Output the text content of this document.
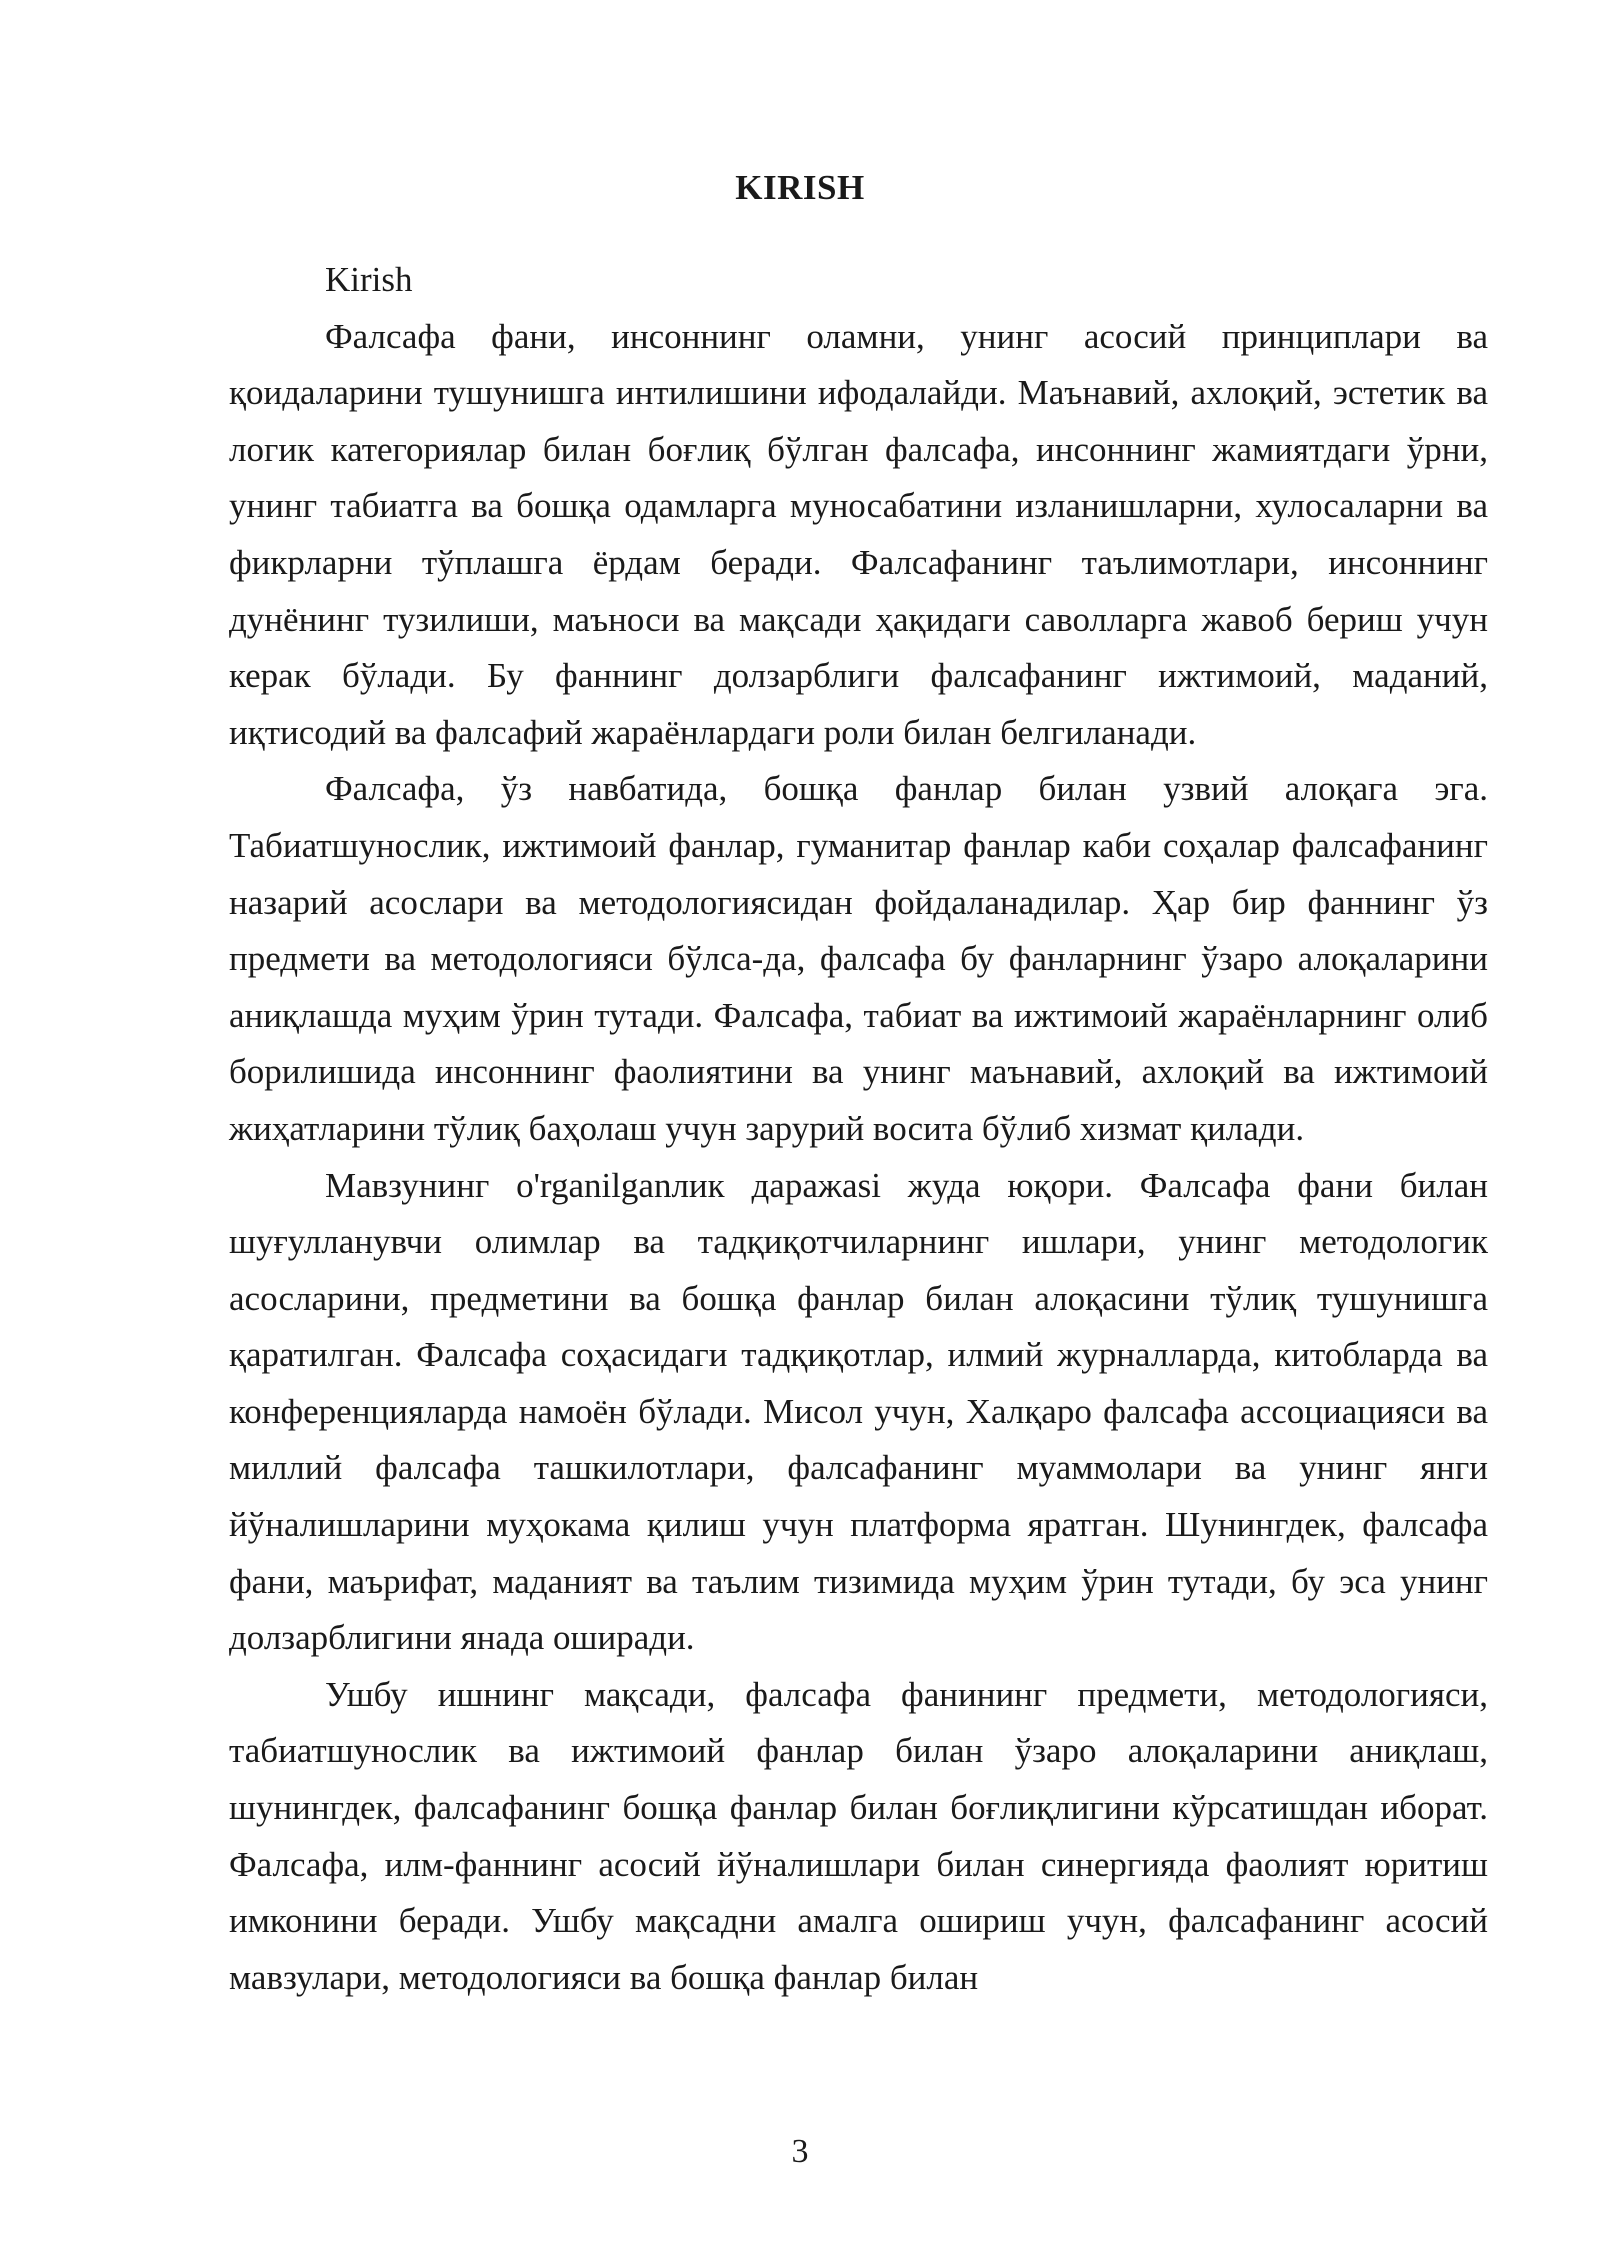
KIRISH

Kirish

Фалсафа фани, инсоннинг оламни, унинг асосий принциплари ва қоидаларини тушунишга интилишини ифодалайди. Маънавий, ахлоқий, эстетик ва логик категориялар билан боғлиқ бўлган фалсафа, инсоннинг жамиятдаги ўрни, унинг табиатга ва бошқа одамларга муносабатини изланишларни, хулосаларни ва фикрларни тўплашга ёрдам беради. Фалсафанинг таълимотлари, инсоннинг дунёнинг тузилиши, маъноси ва мақсади ҳақидаги саволларга жавоб бериш учун керак бўлади. Бу фаннинг долзарблиги фалсафанинг ижтимоий, маданий, иқтисодий ва фалсафий жараёнлардаги роли билан белгиланади.

Фалсафа, ўз навбатида, бошқа фанлар билан узвий алоқага эга. Табиатшунослик, ижтимоий фанлар, гуманитар фанлар каби соҳалар фалсафанинг назарий асослари ва методологиясидан фойдаланадилар. Ҳар бир фаннинг ўз предмети ва методологияси бўлса-да, фалсафа бу фанларнинг ўзаро алоқаларини аниқлашда муҳим ўрин тутади. Фалсафа, табиат ва ижтимоий жараёнларнинг олиб борилишида инсоннинг фаолиятини ва унинг маънавий, ахлоқий ва ижтимоий жиҳатларини тўлиқ баҳолаш учун зарурий восита бўлиб хизмат қилади.

Мавзунинг o'rganilganлик даражаsi жуда юқори. Фалсафа фани билан шуғулланувчи олимлар ва тадқиқотчиларнинг ишлари, унинг методологик асосларини, предметини ва бошқа фанлар билан алоқасини тўлиқ тушунишга қаратилган. Фалсафа соҳасидаги тадқиқотлар, илмий журналларда, китобларда ва конференцияларда намоён бўлади. Мисол учун, Халқаро фалсафа ассоциацияси ва миллий фалсафа ташкилотлари, фалсафанинг муаммолари ва унинг янги йўналишларини муҳокама қилиш учун платформа яратган. Шунингдек, фалсафа фани, маърифат, маданият ва таълим тизимида муҳим ўрин тутади, бу эса унинг долзарблигини янада оширади.

Ушбу ишнинг мақсади, фалсафа фанининг предмети, методологияси, табиатшунослик ва ижтимоий фанлар билан ўзаро алоқаларини аниқлаш, шунингдек, фалсафанинг бошқа фанлар билан боғлиқлигини кўрсатишдан иборат. Фалсафа, илм-фаннинг асосий йўналишлари билан синергияда фаолият юритиш имконини беради. Ушбу мақсадни амалга ошириш учун, фалсафанинг асосий мавзулари, методологияси ва бошқа фанлар билан

3
